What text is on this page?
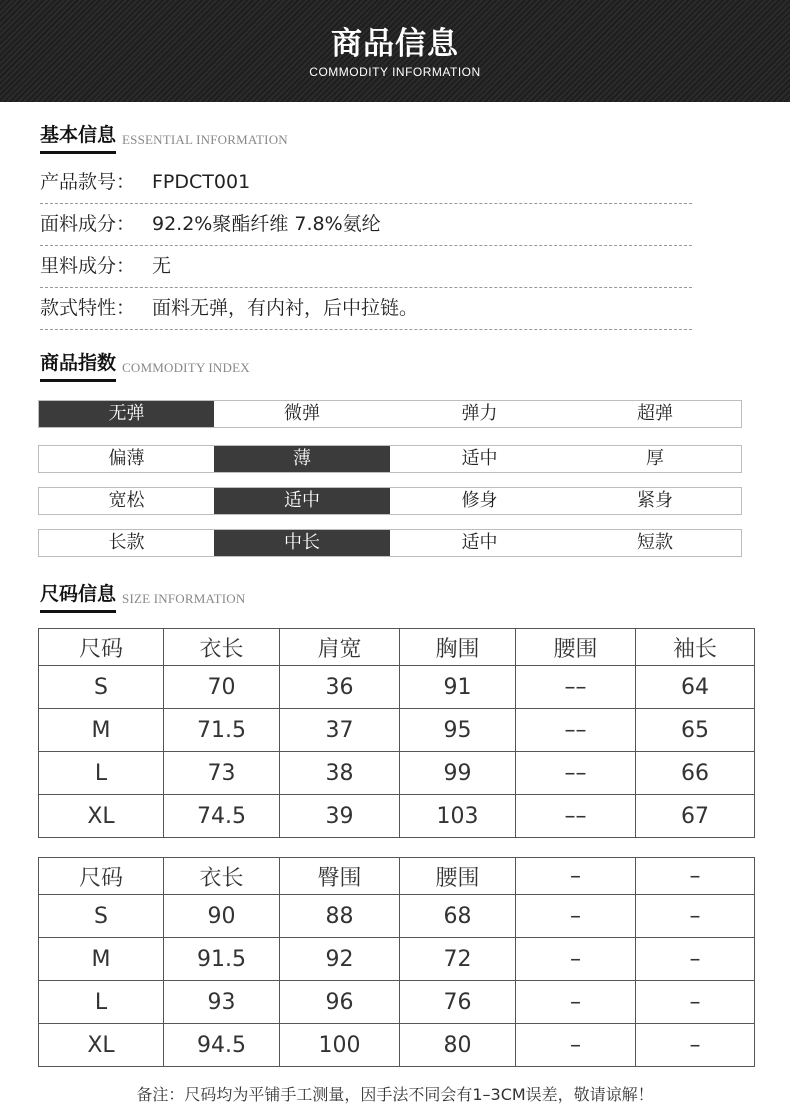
商品信息
COMMODITY INFORMATION
基本信息 ESSENTIAL INFORMATION
产品款号： FPDCT001
面料成分： 92.2%聚酯纤维 7.8%氨纶
里料成分： 无
款式特性： 面料无弹，有内衬，后中拉链。
商品指数 COMMODITY INDEX
无弹	微弹	弹力	超弹
偏薄	薄	适中	厚
宽松	适中	修身	紧身
长款	中长	适中	短款
尺码信息 SIZE INFORMATION
尺码	衣长	肩宽	胸围	腰围	袖长
S	70	36	91	––	64
M	71.5	37	95	––	65
L	73	38	99	––	66
XL	74.5	39	103	––	67
尺码	衣长	臀围	腰围	–	–
S	90	88	68	–	–
M	91.5	92	72	–	–
L	93	96	76	–	–
XL	94.5	100	80	–	–
备注：尺码均为平铺手工测量，因手法不同会有1–3CM误差，敬请谅解！
